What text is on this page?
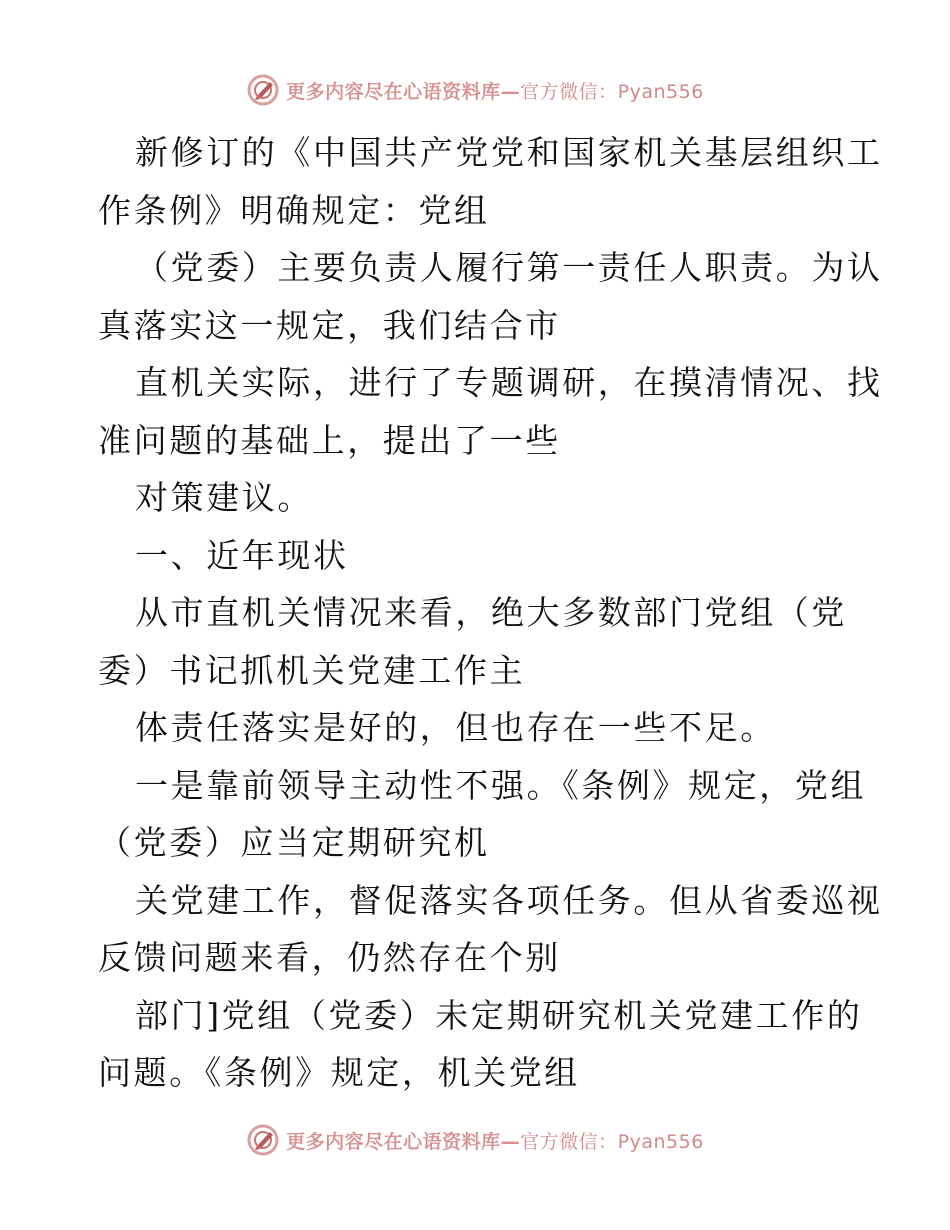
更多内容尽在心语资料库—官方微信：Pyan556

新修订的《中国共产党党和国家机关基层组织工

作条例》明确规定：党组

（党委）主要负责人履行第一责任人职责。为认

真落实这一规定，我们结合市

直机关实际，进行了专题调研，在摸清情况、找

准问题的基础上，提出了一些

对策建议。

一、近年现状

从市直机关情况来看，绝大多数部门党组（党

委）书记抓机关党建工作主

体责任落实是好的，但也存在一些不足。

一是靠前领导主动性不强。《条例》规定，党组

（党委）应当定期研究机

关党建工作，督促落实各项任务。但从省委巡视

反馈问题来看，仍然存在个别

部门]党组（党委）未定期研究机关党建工作的

问题。《条例》规定，机关党组

更多内容尽在心语资料库—官方微信：Pyan556
